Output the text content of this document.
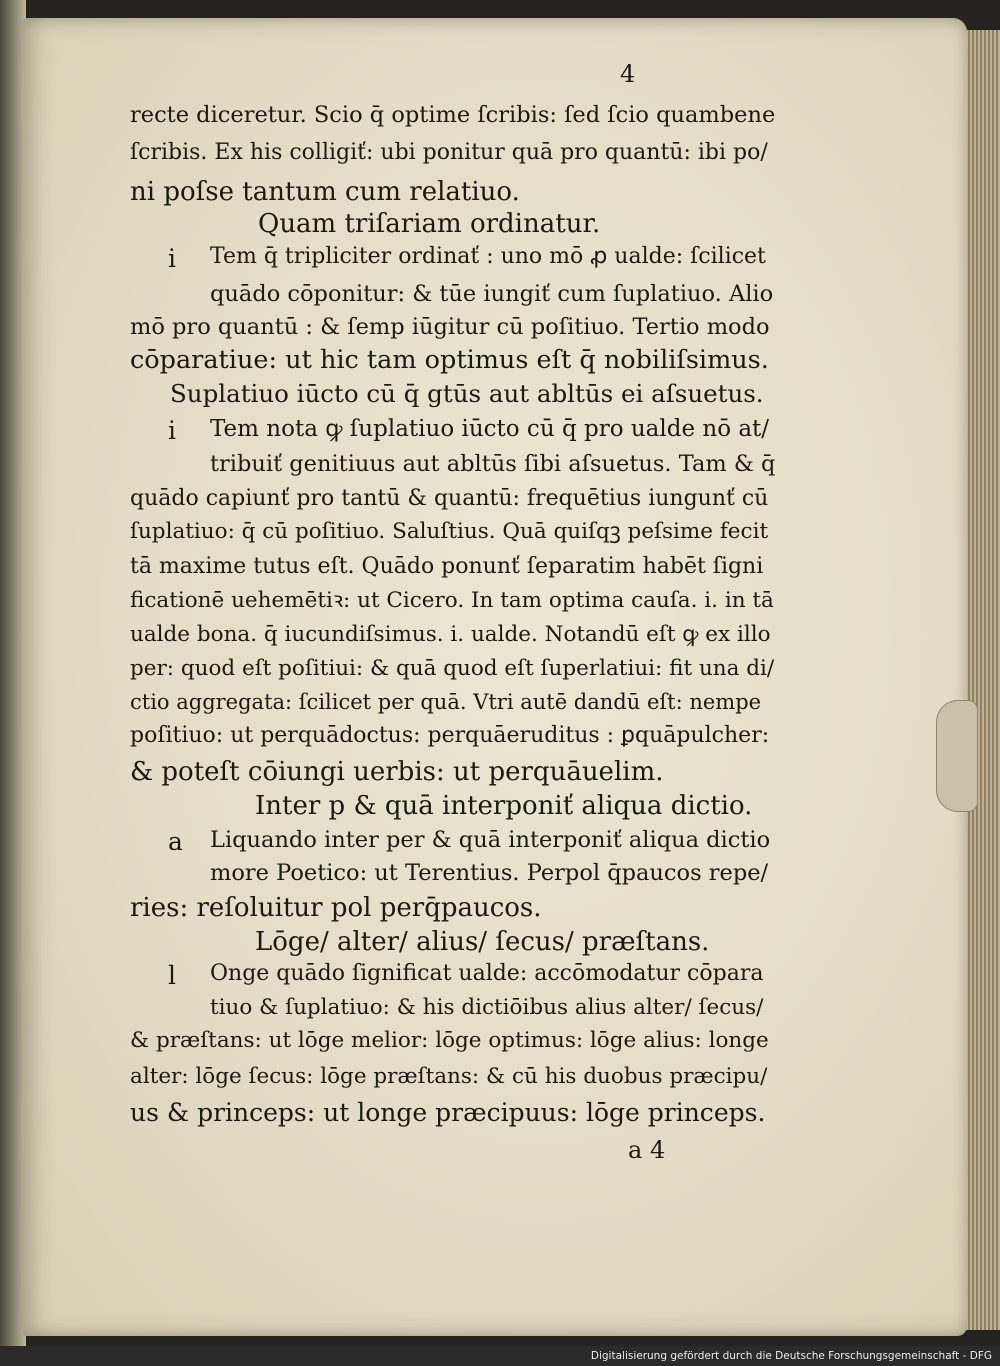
4
recte diceretur. Scio q̄ optime ſcribis: ſed ſcio quambene
ſcribis. Ex his colligiť: ubi ponitur quā pro quantū: ibi po/
ni poſse tantum cum relatiuo.
Quam triſariam ordinatur.
i Tem q̄ tripliciter ordinať : uno mō ꝓ ualde: ſcilicet
quādo cōponitur: & tūe iungiť cum ſuplatiuo. Alio
mō pro quantū : & ſemp iūgitur cū poſitiuo. Tertio modo
cōparatiue: ut hic tam optimus eſt q̄ nobiliſsimus.
Suplatiuo iūcto cū q̄ gtūs aut abltūs ei aſsuetus.
i Tem nota ꝙ ſuplatiuo iūcto cū q̄ pro ualde nō at/
tribuiť genitiuus aut abltūs ſibi aſsuetus. Tam & q̄
quādo capiunť pro tantū & quantū: frequētius iungunť cū
ſuplatiuo: q̄ cū poſitiuo. Saluſtius. Quā quiſqꝫ peſsime fecit
tā maxime tutus eſt. Quādo ponunť ſeparatim habēt ſigni
ficationē uehemētiꝛ: ut Cicero. In tam optima cauſa. i. in tā
ualde bona. q̄ iucundiſsimus. i. ualde. Notandū eſt ꝙ ex illo
per: quod eſt poſitiui: & quā quod eſt ſuperlatiui: fit una di/
ctio aggregata: ſcilicet per quā. Vtri autē dandū eſt: nempe
poſitiuo: ut perquādoctus: perquāeruditus : ꝑquāpulcher:
& poteſt cōiungi uerbis: ut perquāuelim.
Inter p & quā interponiť aliqua dictio.
a Liquando inter per & quā interponiť aliqua dictio
more Poetico: ut Terentius. Perpol q̄paucos repe/
ries: reſoluitur pol perq̄paucos.
Lōge/ alter/ alius/ ſecus/ præſtans.
l Onge quādo ſignificat ualde: accōmodatur cōpara
tiuo & ſuplatiuo: & his dictiōibus alius alter/ ſecus/
& præſtans: ut lōge melior: lōge optimus: lōge alius: longe
alter: lōge ſecus: lōge præſtans: & cū his duobus præcipu/
us & princeps: ut longe præcipuus: lōge princeps.
a 4
Digitalisierung gefördert durch die Deutsche Forschungsgemeinschaft - DFG
